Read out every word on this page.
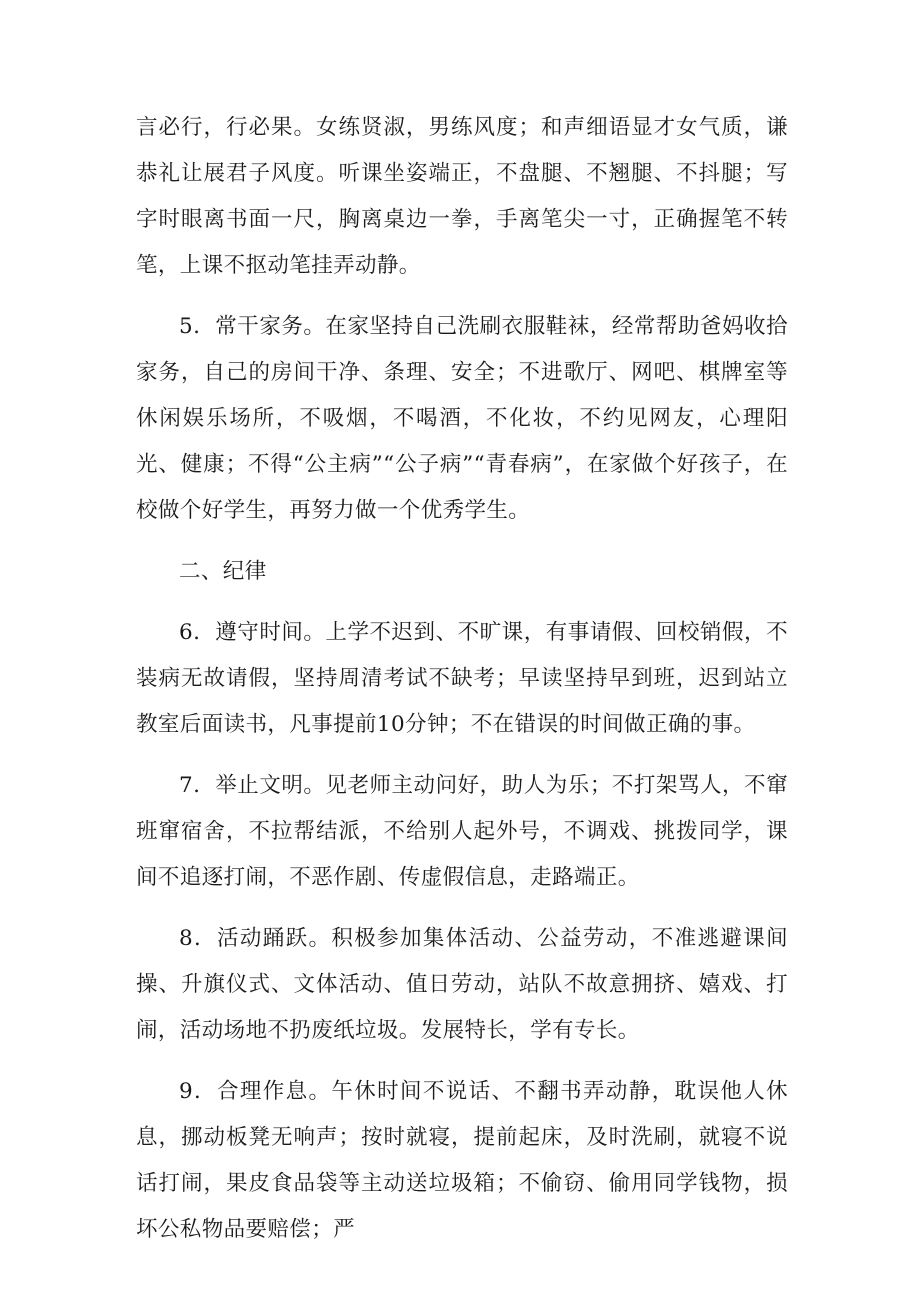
言必行，行必果。女练贤淑，男练风度；和声细语显才女气质，谦恭礼让展君子风度。听课坐姿端正，不盘腿、不翘腿、不抖腿；写字时眼离书面一尺，胸离桌边一拳，手离笔尖一寸，正确握笔不转笔，上课不抠动笔挂弄动静。

5．常干家务。在家坚持自己洗刷衣服鞋袜，经常帮助爸妈收拾家务，自己的房间干净、条理、安全；不进歌厅、网吧、棋牌室等休闲娱乐场所，不吸烟，不喝酒，不化妆，不约见网友，心理阳光、健康；不得“公主病”“公子病”“青春病”，在家做个好孩子，在校做个好学生，再努力做一个优秀学生。

二、纪律

6．遵守时间。上学不迟到、不旷课，有事请假、回校销假，不装病无故请假，坚持周清考试不缺考；早读坚持早到班，迟到站立教室后面读书，凡事提前10分钟；不在错误的时间做正确的事。

7．举止文明。见老师主动问好，助人为乐；不打架骂人，不窜班窜宿舍，不拉帮结派，不给别人起外号，不调戏、挑拨同学，课间不追逐打闹，不恶作剧、传虚假信息，走路端正。

8．活动踊跃。积极参加集体活动、公益劳动，不准逃避课间操、升旗仪式、文体活动、值日劳动，站队不故意拥挤、嬉戏、打闹，活动场地不扔废纸垃圾。发展特长，学有专长。

9．合理作息。午休时间不说话、不翻书弄动静，耽误他人休息，挪动板凳无响声；按时就寝，提前起床，及时洗刷，就寝不说话打闹，果皮食品袋等主动送垃圾箱；不偷窃、偷用同学钱物，损坏公私物品要赔偿；严
